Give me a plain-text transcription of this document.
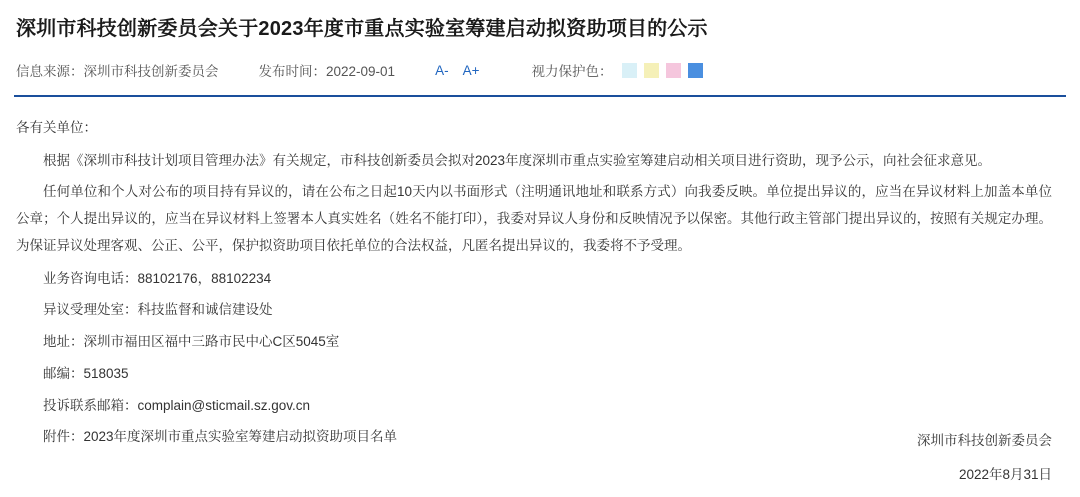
深圳市科技创新委员会关于2023年度市重点实验室筹建启动拟资助项目的公示
信息来源：深圳市科技创新委员会	发布时间：2022-09-01	A- A+	视力保护色：
各有关单位：

根据《深圳市科技计划项目管理办法》有关规定，市科技创新委员会拟对2023年度深圳市重点实验室筹建启动相关项目进行资助，现予公示，向社会征求意见。

任何单位和个人对公布的项目持有异议的，请在公布之日起10天内以书面形式（注明通讯地址和联系方式）向我委反映。单位提出异议的，应当在异议材料上加盖本单位公章；个人提出异议的，应当在异议材料上签署本人真实姓名（姓名不能打印），我委对异议人身份和反映情况予以保密。其他行政主管部门提出异议的，按照有关规定办理。为保证异议处理客观、公正、公平，保护拟资助项目依托单位的合法权益，凡匿名提出异议的，我委将不予受理。

业务咨询电话：88102176，88102234
异议受理处室：科技监督和诚信建设处
地址：深圳市福田区福中三路市民中心C区5045室
邮编：518035
投诉联系邮箱：complain@sticmail.sz.gov.cn
附件：2023年度深圳市重点实验室筹建启动拟资助项目名单	深圳市科技创新委员会
2022年8月31日
